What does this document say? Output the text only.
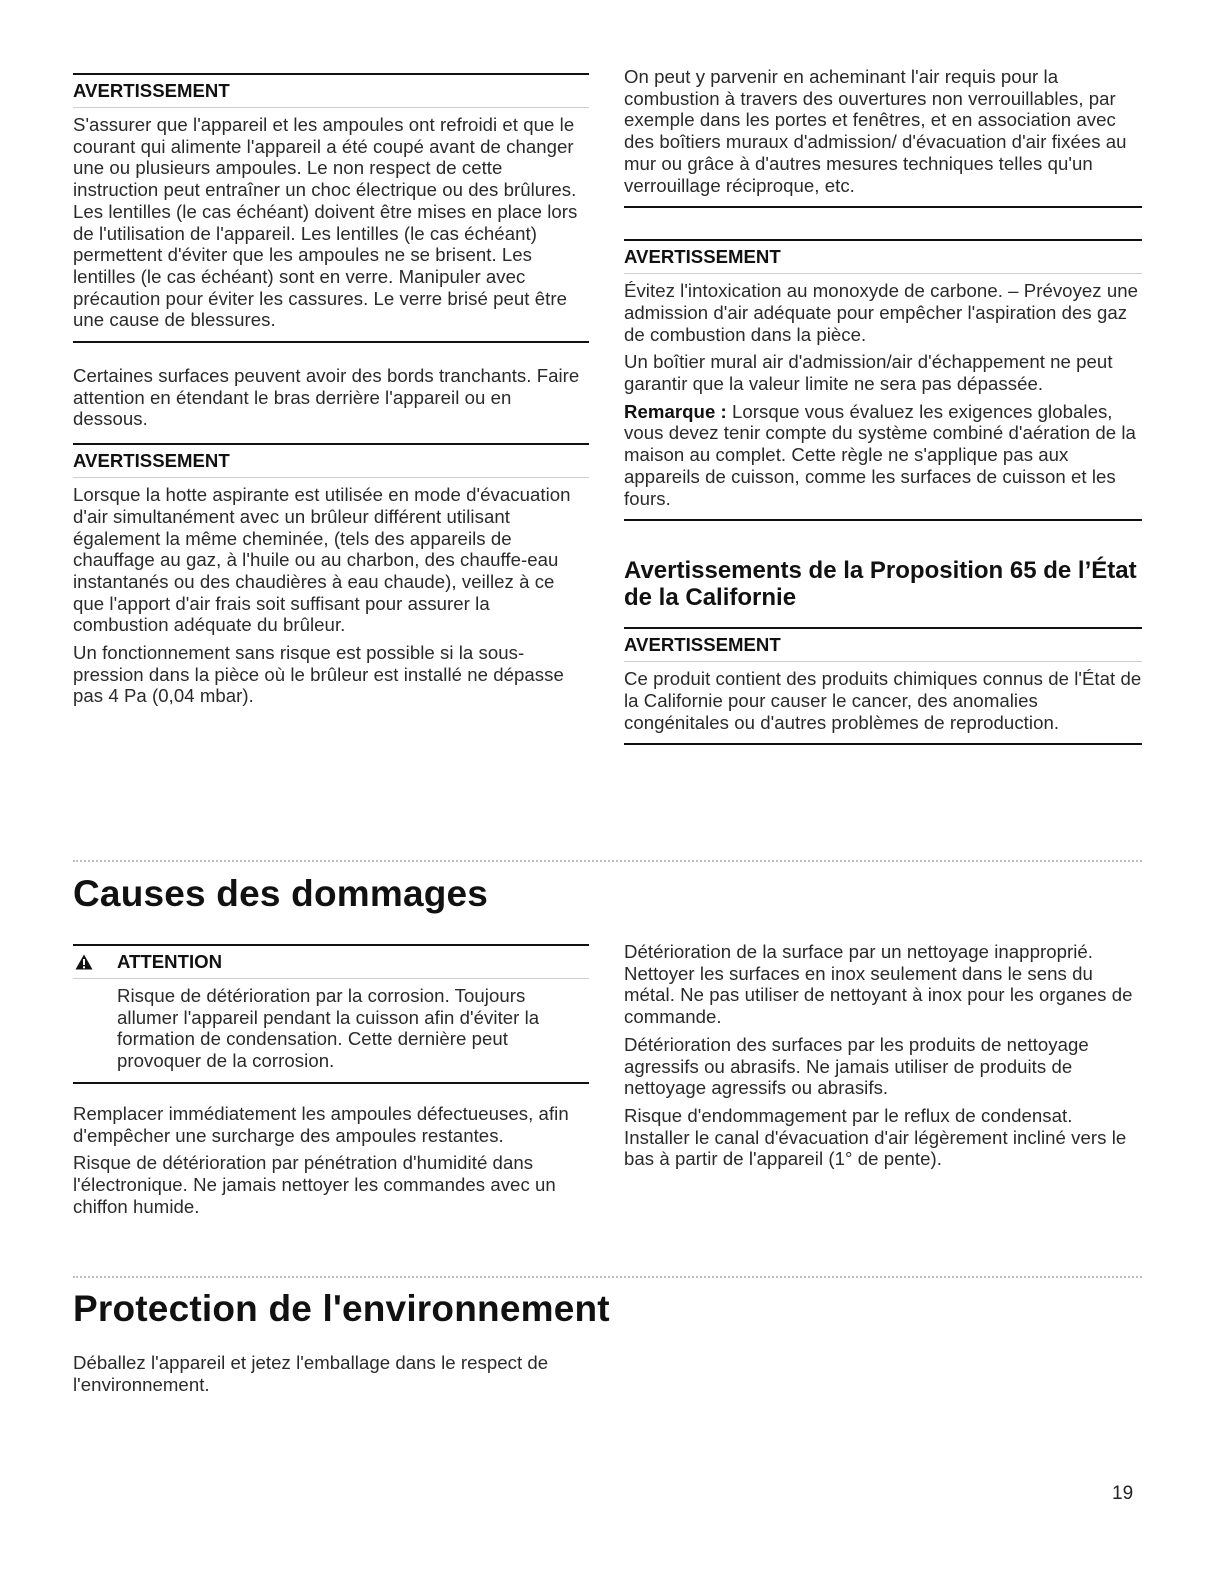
AVERTISSEMENT

S'assurer que l'appareil et les ampoules ont refroidi et que le courant qui alimente l'appareil a été coupé avant de changer une ou plusieurs ampoules. Le non respect de cette instruction peut entraîner un choc électrique ou des brûlures. Les lentilles (le cas échéant) doivent être mises en place lors de l'utilisation de l'appareil. Les lentilles (le cas échéant) permettent d'éviter que les ampoules ne se brisent. Les lentilles (le cas échéant) sont en verre. Manipuler avec précaution pour éviter les cassures. Le verre brisé peut être une cause de blessures.

Certaines surfaces peuvent avoir des bords tranchants. Faire attention en étendant le bras derrière l'appareil ou en dessous.

AVERTISSEMENT

Lorsque la hotte aspirante est utilisée en mode d'évacuation d'air simultanément avec un brûleur différent utilisant également la même cheminée, (tels des appareils de chauffage au gaz, à l'huile ou au charbon, des chauffe-eau instantanés ou des chaudières à eau chaude), veillez à ce que l'apport d'air frais soit suffisant pour assurer la combustion adéquate du brûleur.

Un fonctionnement sans risque est possible si la sous-pression dans la pièce où le brûleur est installé ne dépasse pas 4 Pa (0,04 mbar).

On peut y parvenir en acheminant l'air requis pour la combustion à travers des ouvertures non verrouillables, par exemple dans les portes et fenêtres, et en association avec des boîtiers muraux d'admission/ d'évacuation d'air fixées au mur ou grâce à d'autres mesures techniques telles qu'un verrouillage réciproque, etc.

AVERTISSEMENT

Évitez l'intoxication au monoxyde de carbone. – Prévoyez une admission d'air adéquate pour empêcher l'aspiration des gaz de combustion dans la pièce.

Un boîtier mural air d'admission/air d'échappement ne peut garantir que la valeur limite ne sera pas dépassée.

Remarque : Lorsque vous évaluez les exigences globales, vous devez tenir compte du système combiné d'aération de la maison au complet. Cette règle ne s'applique pas aux appareils de cuisson, comme les surfaces de cuisson et les fours.

Avertissements de la Proposition 65 de l’État de la Californie
AVERTISSEMENT

Ce produit contient des produits chimiques connus de l'État de la Californie pour causer le cancer, des anomalies congénitales ou d'autres problèmes de reproduction.

Causes des dommages
ATTENTION

Risque de détérioration par la corrosion. Toujours allumer l'appareil pendant la cuisson afin d'éviter la formation de condensation. Cette dernière peut provoquer de la corrosion.

Remplacer immédiatement les ampoules défectueuses, afin d'empêcher une surcharge des ampoules restantes.

Risque de détérioration par pénétration d'humidité dans l'électronique. Ne jamais nettoyer les commandes avec un chiffon humide.

Détérioration de la surface par un nettoyage inapproprié. Nettoyer les surfaces en inox seulement dans le sens du métal. Ne pas utiliser de nettoyant à inox pour les organes de commande.

Détérioration des surfaces par les produits de nettoyage agressifs ou abrasifs. Ne jamais utiliser de produits de nettoyage agressifs ou abrasifs.

Risque d'endommagement par le reflux de condensat. Installer le canal d'évacuation d'air légèrement incliné vers le bas à partir de l'appareil (1° de pente).

Protection de l'environnement

Déballez l'appareil et jetez l'emballage dans le respect de l'environnement.

19
